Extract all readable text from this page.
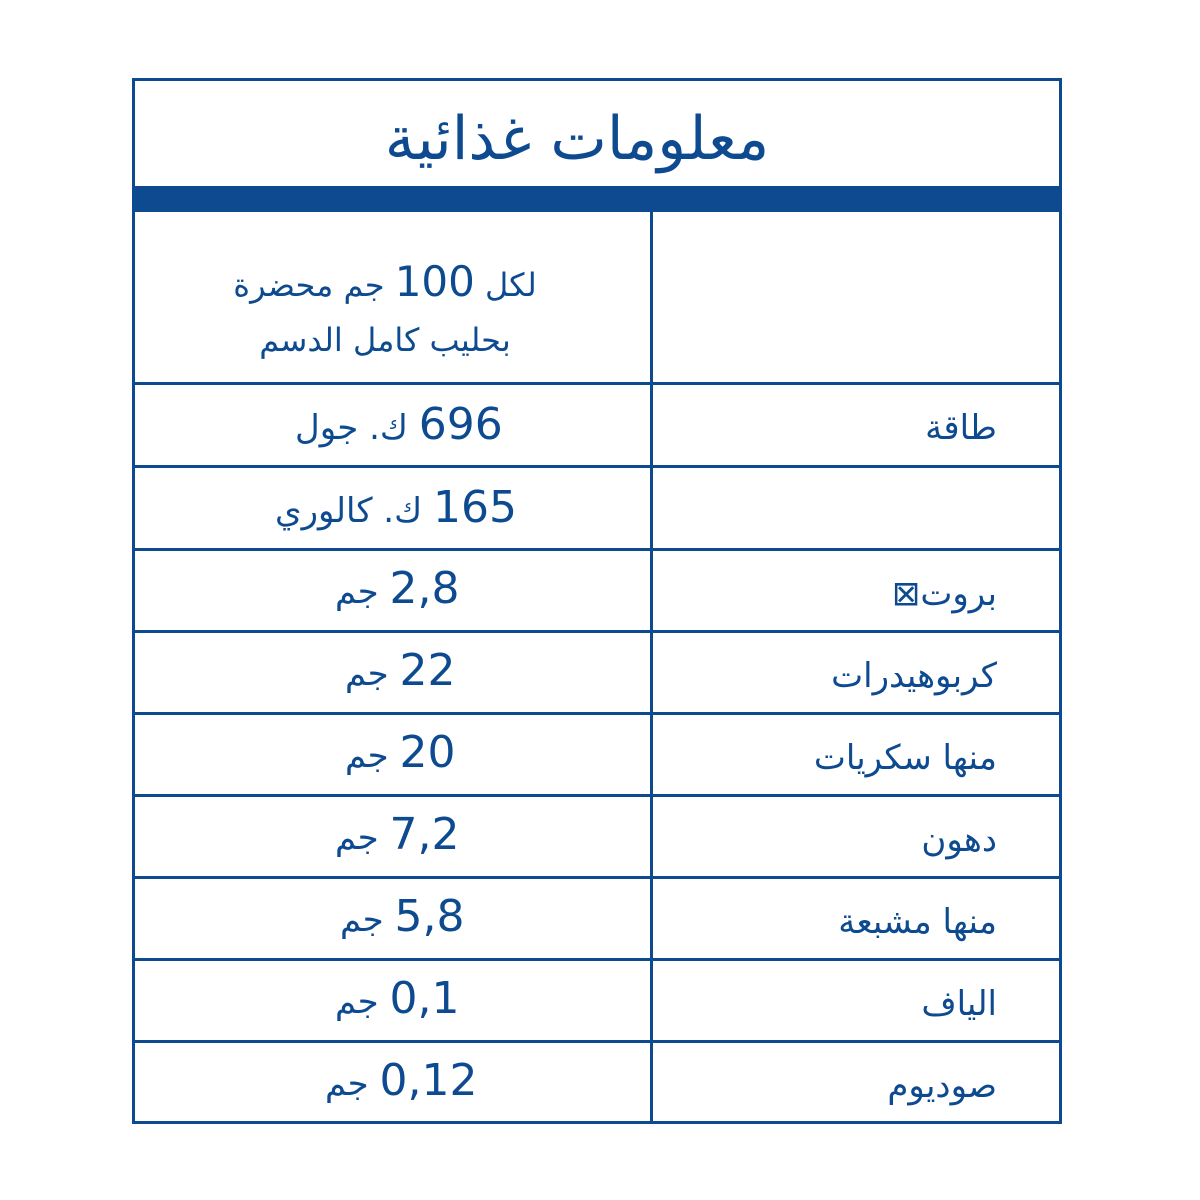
معلومات غذائية
لكل 100 جم محضرة
بحليب كامل الدسم
طاقة
696 ك. جول
165 ك. كالوري
بروت⊠
2,8 جم
كربوهيدرات
22 جم
منها سكريات
20 جم
دهون
7,2 جم
منها مشبعة
5,8 جم
الياف
0,1 جم
صوديوم
0,12 جم
